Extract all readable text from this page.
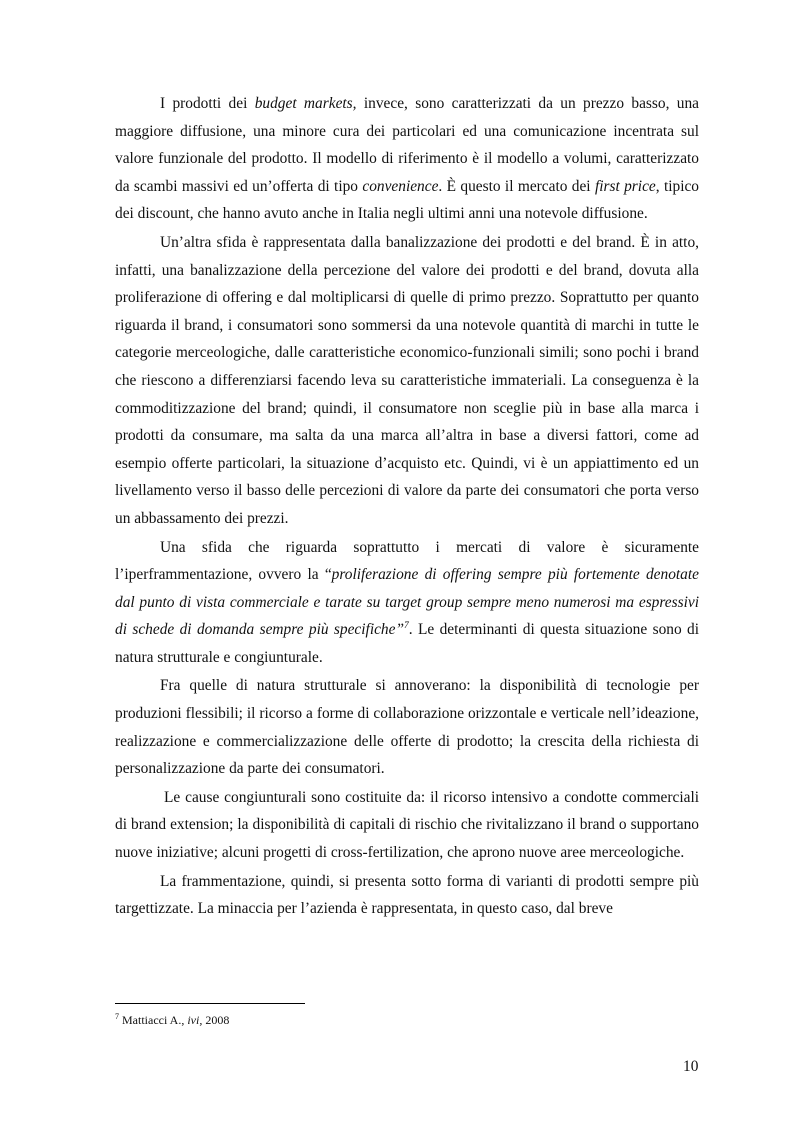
I prodotti dei budget markets, invece, sono caratterizzati da un prezzo basso, una maggiore diffusione, una minore cura dei particolari ed una comunicazione incentrata sul valore funzionale del prodotto. Il modello di riferimento è il modello a volumi, caratterizzato da scambi massivi ed un’offerta di tipo convenience. È questo il mercato dei first price, tipico dei discount, che hanno avuto anche in Italia negli ultimi anni una notevole diffusione.

Un’altra sfida è rappresentata dalla banalizzazione dei prodotti e del brand. È in atto, infatti, una banalizzazione della percezione del valore dei prodotti e del brand, dovuta alla proliferazione di offering e dal moltiplicarsi di quelle di primo prezzo. Soprattutto per quanto riguarda il brand, i consumatori sono sommersi da una notevole quantità di marchi in tutte le categorie merceologiche, dalle caratteristiche economico-funzionali simili; sono pochi i brand che riescono a differenziarsi facendo leva su caratteristiche immateriali. La conseguenza è la commoditizzazione del brand; quindi, il consumatore non sceglie più in base alla marca i prodotti da consumare, ma salta da una marca all’altra in base a diversi fattori, come ad esempio offerte particolari, la situazione d’acquisto etc. Quindi, vi è un appiattimento ed un livellamento verso il basso delle percezioni di valore da parte dei consumatori che porta verso un abbassamento dei prezzi.

Una sfida che riguarda soprattutto i mercati di valore è sicuramente l’iperframmentazione, ovvero la “proliferazione di offering sempre più fortemente denotate dal punto di vista commerciale e tarate su target group sempre meno numerosi ma espressivi di schede di domanda sempre più specifiche”$^7$. Le determinanti di questa situazione sono di natura strutturale e congiunturale.

Fra quelle di natura strutturale si annoverano: la disponibilità di tecnologie per produzioni flessibili; il ricorso a forme di collaborazione orizzontale e verticale nell’ideazione, realizzazione e commercializzazione delle offerte di prodotto; la crescita della richiesta di personalizzazione da parte dei consumatori.

Le cause congiunturali sono costituite da: il ricorso intensivo a condotte commerciali di brand extension; la disponibilità di capitali di rischio che rivitalizzano il brand o supportano nuove iniziative; alcuni progetti di cross-fertilization, che aprono nuove aree merceologiche.

La frammentazione, quindi, si presenta sotto forma di varianti di prodotti sempre più targettizzate. La minaccia per l’azienda è rappresentata, in questo caso, dal breve

$^7$ Mattiacci A., ivi, 2008
10
